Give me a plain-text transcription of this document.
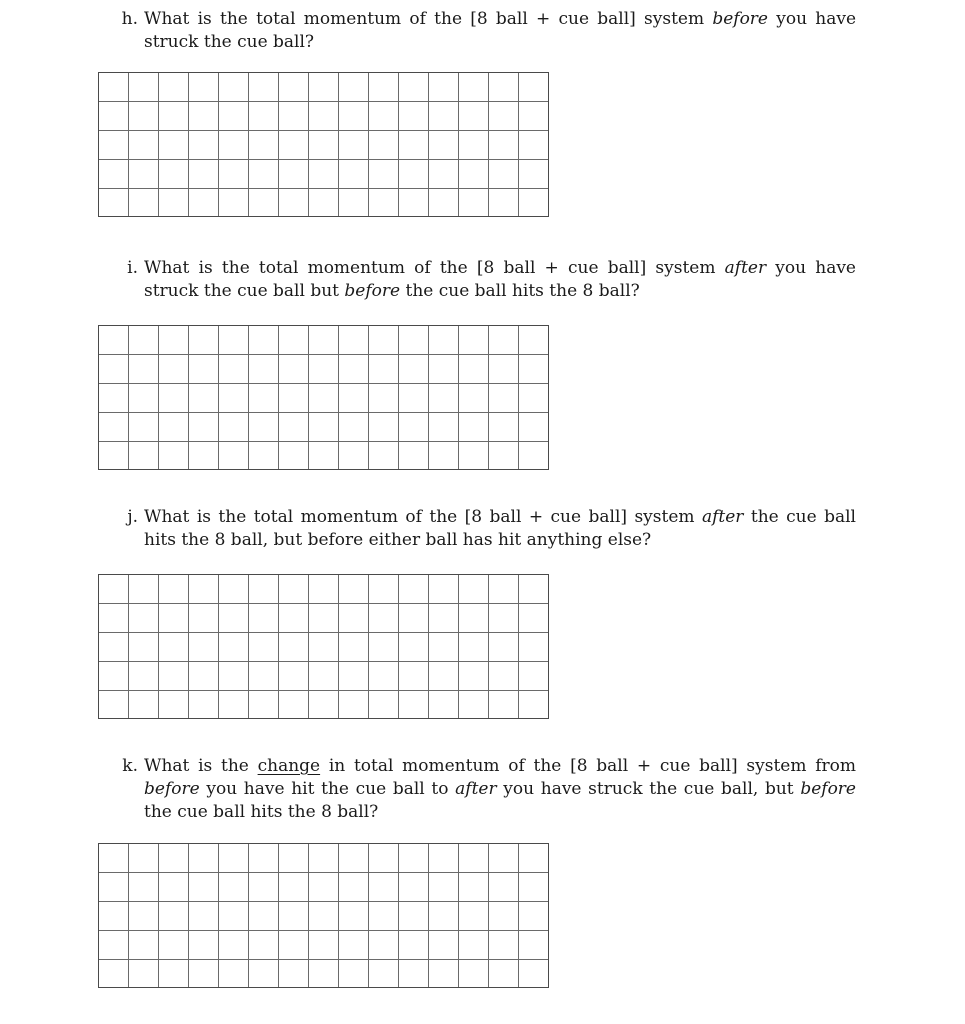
h. What is the total momentum of the [8 ball + cue ball] system before you have struck the cue ball?
i. What is the total momentum of the [8 ball + cue ball] system after you have struck the cue ball but before the cue ball hits the 8 ball?
j. What is the total momentum of the [8 ball + cue ball] system after the cue ball hits the 8 ball, but before either ball has hit anything else?
k. What is the change in total momentum of the [8 ball + cue ball] system from before you have hit the cue ball to after you have struck the cue ball, but before the cue ball hits the 8 ball?
